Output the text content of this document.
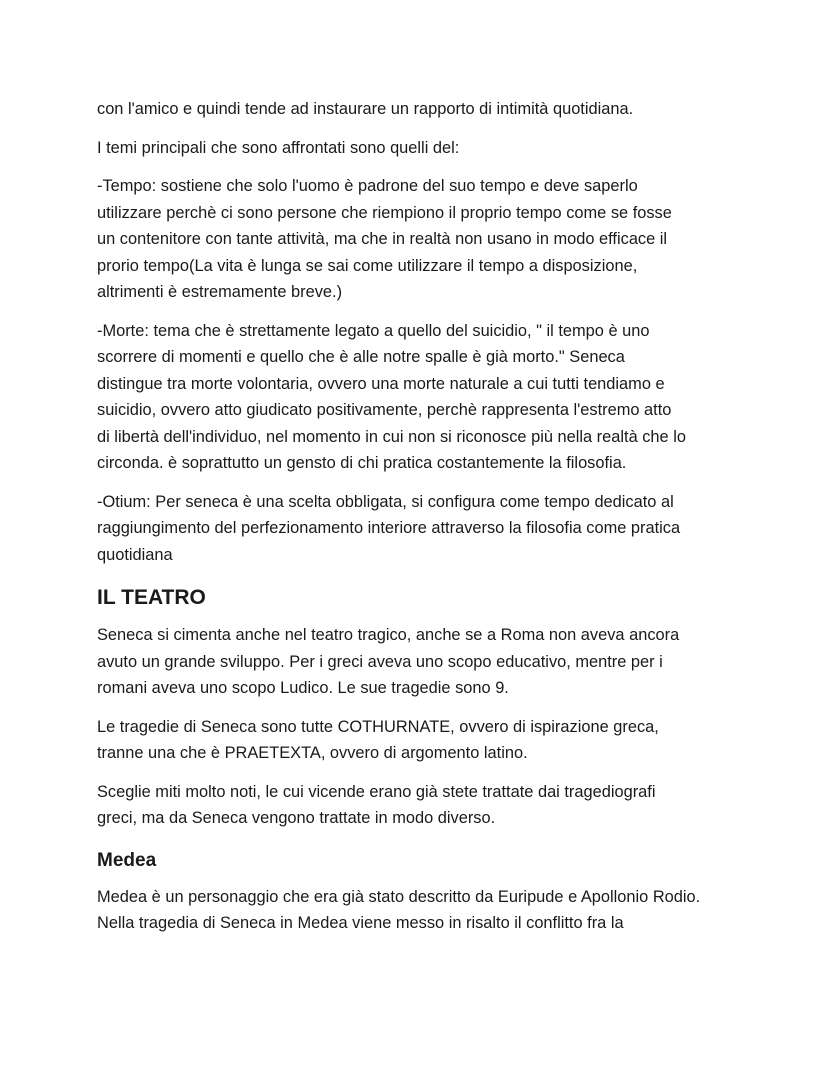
con l'amico e quindi tende ad instaurare un rapporto di intimità quotidiana.

I temi principali che sono affrontati sono quelli del:

-Tempo: sostiene che solo l'uomo è padrone del suo tempo e deve saperlo
utilizzare perchè ci sono persone che riempiono il proprio tempo come se fosse
un contenitore con tante attività, ma che in realtà non usano in modo efficace il
prorio tempo(La vita è lunga se sai come utilizzare il tempo a disposizione,
altrimenti è estremamente breve.)

-Morte: tema che è strettamente legato a quello del suicidio, " il tempo è uno
scorrere di momenti e quello che è alle notre spalle è già morto." Seneca
distingue tra morte volontaria, ovvero una morte naturale a cui tutti tendiamo e
suicidio, ovvero atto giudicato positivamente, perchè rappresenta l'estremo atto
di libertà dell'individuo, nel momento in cui non si riconosce più nella realtà che lo
circonda. è soprattutto un gensto di chi pratica costantemente la filosofia.

-Otium: Per seneca è una scelta obbligata, si configura come tempo dedicato al
raggiungimento del perfezionamento interiore attraverso la filosofia come pratica
quotidiana

IL TEATRO

Seneca si cimenta anche nel teatro tragico, anche se a Roma non aveva ancora
avuto un grande sviluppo. Per i greci aveva uno scopo educativo, mentre per i
romani aveva uno scopo Ludico. Le sue tragedie sono 9.

Le tragedie di Seneca sono tutte COTHURNATE, ovvero di ispirazione greca,
tranne una che è PRAETEXTA, ovvero di argomento latino.

Sceglie miti molto noti, le cui vicende erano già stete trattate dai tragediografi
greci, ma da Seneca vengono trattate in modo diverso.

Medea

Medea è un personaggio che era già stato descritto da Euripude e Apollonio Rodio.
Nella tragedia di Seneca in Medea viene messo in risalto il conflitto fra la
